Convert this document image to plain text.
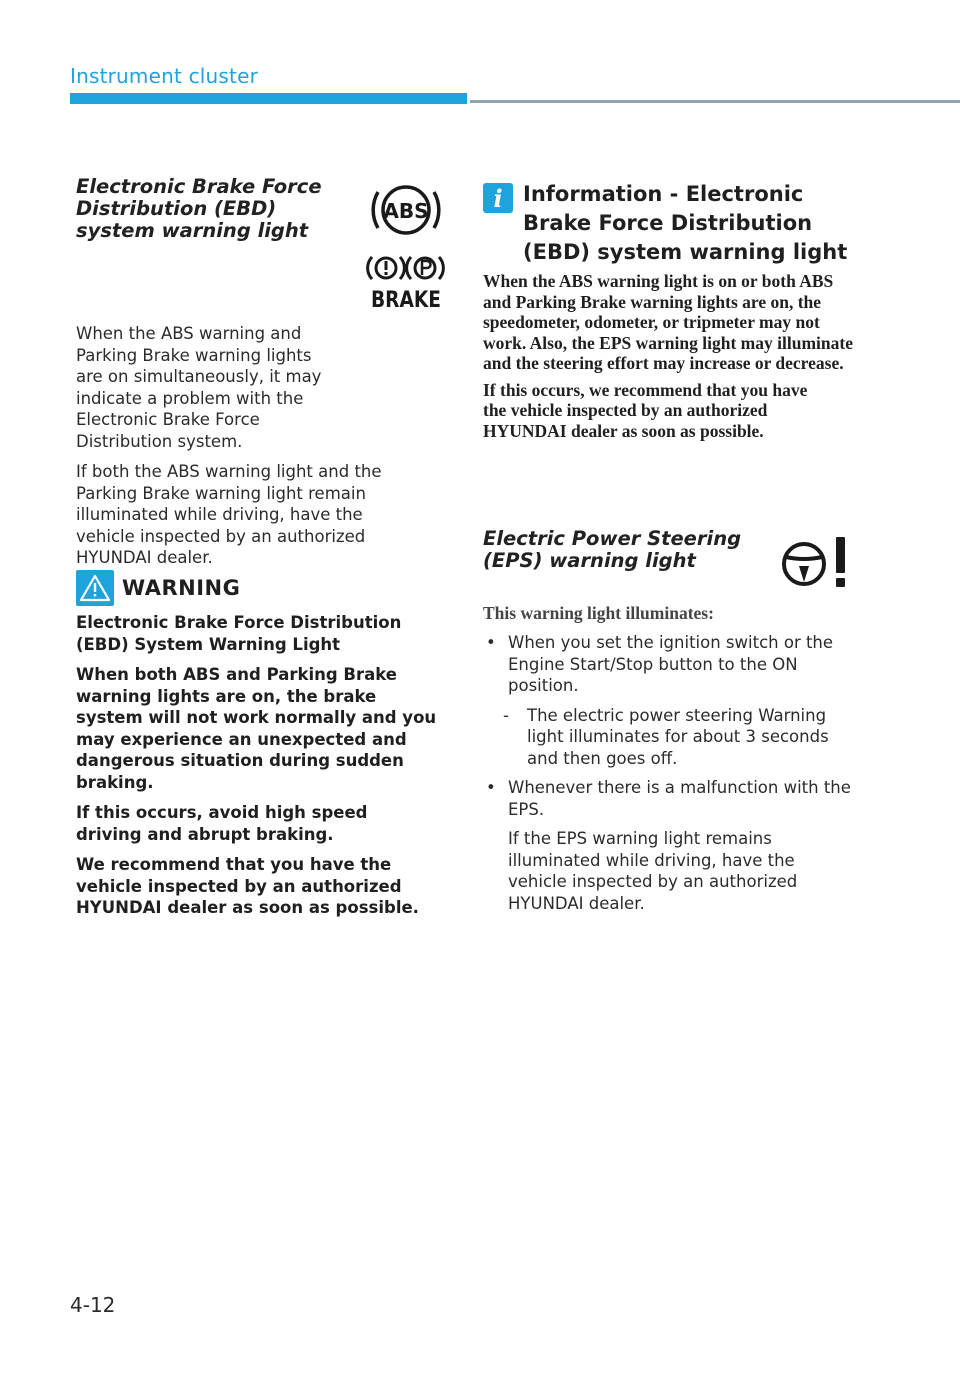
Instrument cluster
Electronic Brake Force Distribution (EBD) system warning light
ABS
BRAKE

When the ABS warning and Parking Brake warning lights are on simultaneously, it may indicate a problem with the Electronic Brake Force Distribution system.

If both the ABS warning light and the Parking Brake warning light remain illuminated while driving, have the vehicle inspected by an authorized HYUNDAI dealer.

WARNING

Electronic Brake Force Distribution (EBD) System Warning Light

When both ABS and Parking Brake warning lights are on, the brake system will not work normally and you may experience an unexpected and dangerous situation during sudden braking.

If this occurs, avoid high speed driving and abrupt braking.

We recommend that you have the vehicle inspected by an authorized HYUNDAI dealer as soon as possible.

i Information - Electronic Brake Force Distribution (EBD) system warning light

When the ABS warning light is on or both ABS and Parking Brake warning lights are on, the speedometer, odometer, or tripmeter may not work. Also, the EPS warning light may illuminate and the steering effort may increase or decrease.

If this occurs, we recommend that you have the vehicle inspected by an authorized HYUNDAI dealer as soon as possible.

Electric Power Steering (EPS) warning light

This warning light illuminates:

• When you set the ignition switch or the Engine Start/Stop button to the ON position.
- The electric power steering Warning light illuminates for about 3 seconds and then goes off.
• Whenever there is a malfunction with the EPS.

If the EPS warning light remains illuminated while driving, have the vehicle inspected by an authorized HYUNDAI dealer.

4-12
